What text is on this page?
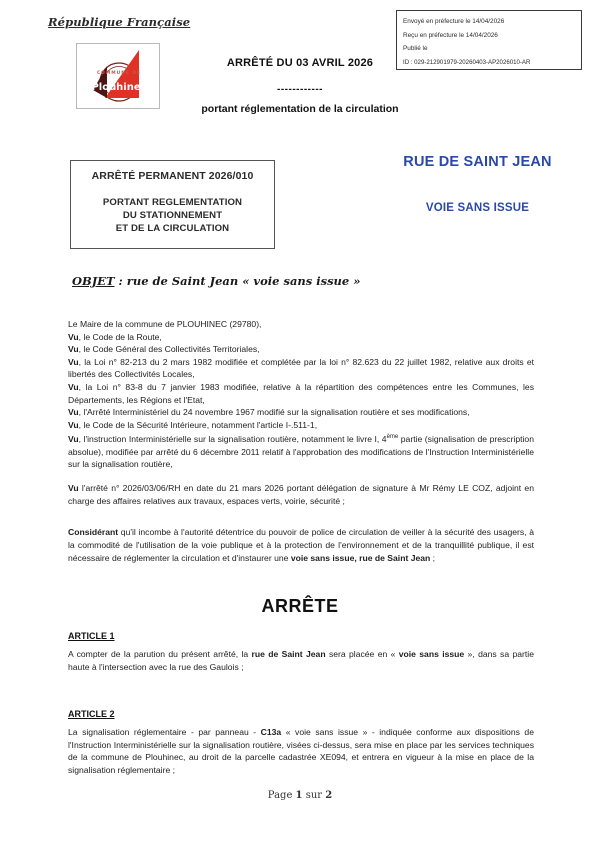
République Française
Plouhinec
COMMUNE DE
ARRÊTÉ DU 03 AVRIL 2026
------------
portant réglementation de la circulation
Envoyé en préfecture le 14/04/2026
Reçu en préfecture le 14/04/2026
Publié le
ID : 029-212901979-20260403-AP2026010-AR
ARRÊTÉ PERMANENT 2026/010
PORTANT REGLEMENTATION
DU STATIONNEMENT
ET DE LA CIRCULATION
RUE DE SAINT JEAN
VOIE SANS ISSUE
OBJET : rue de Saint Jean « voie sans issue »

Le Maire de la commune de PLOUHINEC (29780),

Vu, le Code de la Route,

Vu, le Code Général des Collectivités Territoriales,

Vu, la Loi n° 82-213 du 2 mars 1982 modifiée et complétée par la loi n° 82.623 du 22 juillet 1982, relative aux droits et libertés des Collectivités Locales,

Vu, la Loi n° 83-8 du 7 janvier 1983 modifiée, relative à la répartition des compétences entre les Communes, les Départements, les Régions et l'Etat,

Vu, l'Arrêté Interministériel du 24 novembre 1967 modifié sur la signalisation routière et ses modifications,

Vu, le Code de la Sécurité Intérieure, notamment l'article I-.511-1,

Vu, l'instruction Interministérielle sur la signalisation routière, notamment le livre I, 4ème partie (signalisation de prescription absolue), modifiée par arrêté du 6 décembre 2011 relatif à l'approbation des modifications de l'Instruction Interministérielle sur la signalisation routière,

Vu l'arrêté n° 2026/03/06/RH en date du 21 mars 2026 portant délégation de signature à Mr Rémy LE COZ, adjoint en charge des affaires relatives aux travaux, espaces verts, voirie, sécurité ;

Considérant qu'il incombe à l'autorité détentrice du pouvoir de police de circulation de veiller à la sécurité des usagers, à la commodité de l'utilisation de la voie publique et à la protection de l'environnement et de la tranquillité publique, il est nécessaire de réglementer la circulation et d'instaurer une voie sans issue, rue de Saint Jean ;
ARRÊTE
ARTICLE 1
A compter de la parution du présent arrêté, la rue de Saint Jean sera placée en « voie sans issue », dans sa partie haute à l'intersection avec la rue des Gaulois ;
ARTICLE 2
La signalisation réglementaire - par panneau - C13a « voie sans issue » - indiquée conforme aux dispositions de l'Instruction Interministérielle sur la signalisation routière, visées ci-dessus, sera mise en place par les services techniques de la commune de Plouhinec, au droit de la parcelle cadastrée XE094, et entrera en vigueur à la mise en place de la signalisation réglementaire ;
Page 1 sur 2
